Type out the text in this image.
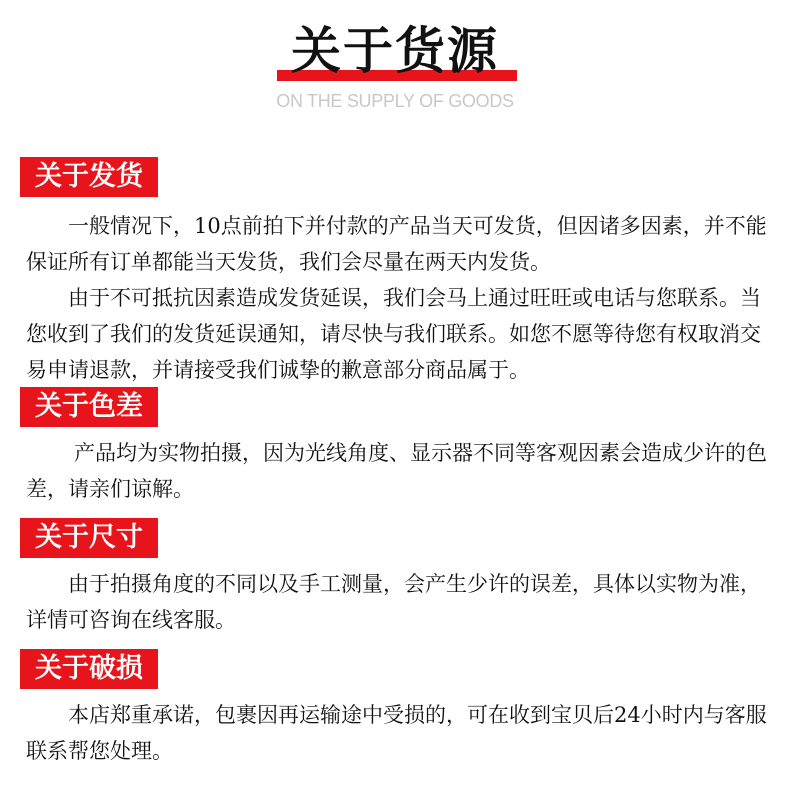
关于货源
ON THE SUPPLY OF GOODS
关于发货

一般情况下，10点前拍下并付款的产品当天可发货，但因诸多因素，并不能保证所有订单都能当天发货，我们会尽量在两天内发货。

由于不可抵抗因素造成发货延误，我们会马上通过旺旺或电话与您联系。当您收到了我们的发货延误通知，请尽快与我们联系。如您不愿等待您有权取消交易申请退款，并请接受我们诚挚的歉意部分商品属于。

关于色差

产品均为实物拍摄，因为光线角度、显示器不同等客观因素会造成少许的色差，请亲们谅解。

关于尺寸

由于拍摄角度的不同以及手工测量，会产生少许的误差，具体以实物为准，详情可咨询在线客服。

关于破损

本店郑重承诺，包裹因再运输途中受损的，可在收到宝贝后24小时内与客服联系帮您处理。
